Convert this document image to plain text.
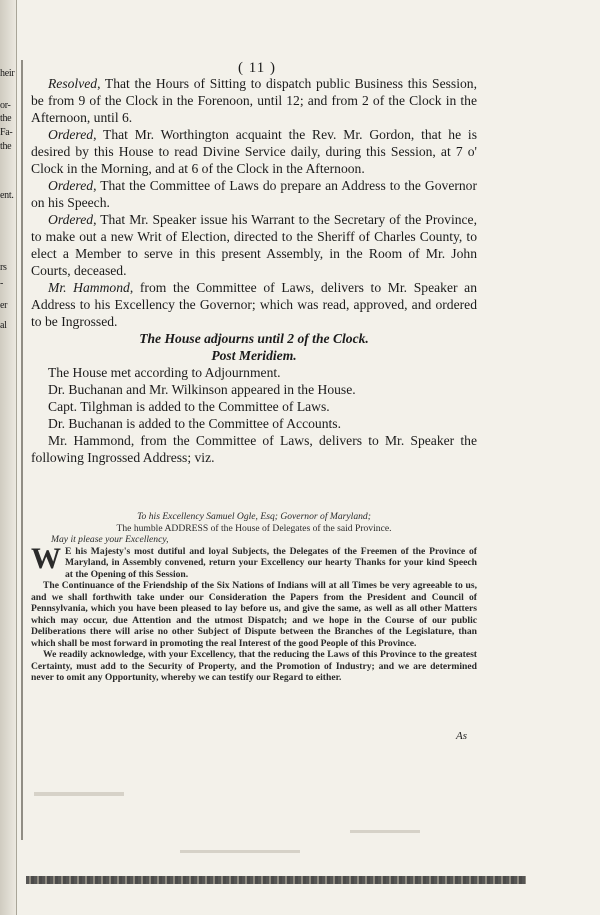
heir
or-
the
Fa-
the
ent.
rs
-
er
al
( 11 )

Resolved, That the Hours of Sitting to dispatch public Business this Session, be from 9 of the Clock in the Forenoon, until 12; and from 2 of the Clock in the Afternoon, until 6.

Ordered, That Mr. Worthington acquaint the Rev. Mr. Gordon, that he is desired by this House to read Divine Service daily, during this Session, at 7 o' Clock in the Morning, and at 6 of the Clock in the Afternoon.

Ordered, That the Committee of Laws do prepare an Address to the Governor on his Speech.

Ordered, That Mr. Speaker issue his Warrant to the Secretary of the Province, to make out a new Writ of Election, directed to the Sheriff of Charles County, to elect a Member to serve in this present Assembly, in the Room of Mr. John Courts, deceased.

Mr. Hammond, from the Committee of Laws, delivers to Mr. Speaker an Address to his Excellency the Governor; which was read, approved, and ordered to be Ingrossed.

The House adjourns until 2 of the Clock.

Post Meridiem.

The House met according to Adjournment.

Dr. Buchanan and Mr. Wilkinson appeared in the House.

Capt. Tilghman is added to the Committee of Laws.

Dr. Buchanan is added to the Committee of Accounts.

Mr. Hammond, from the Committee of Laws, delivers to Mr. Speaker the following Ingrossed Address; viz.

To his Excellency Samuel Ogle, Esq; Governor of Maryland;

The humble ADDRESS of the House of Delegates of the said Province.

May it please your Excellency,

W E his Majesty's most dutiful and loyal Subjects, the Delegates of the Freemen of the Province of Maryland, in Assembly convened, return your Excellency our hearty Thanks for your kind Speech at the Opening of this Session.

The Continuance of the Friendship of the Six Nations of Indians will at all Times be very agreeable to us, and we shall forthwith take under our Consideration the Papers from the President and Council of Pennsylvania, which you have been pleased to lay before us, and give the same, as well as all other Matters which may occur, due Attention and the utmost Dispatch; and we hope in the Course of our public Deliberations there will arise no other Subject of Dispute between the Branches of the Legislature, than which shall be most forward in promoting the real Interest of the good People of this Province.

We readily acknowledge, with your Excellency, that the reducing the Laws of this Province to the greatest Certainty, must add to the Security of Property, and the Promotion of Industry; and we are determined never to omit any Opportunity, whereby we can testify our Regard to either.

As
